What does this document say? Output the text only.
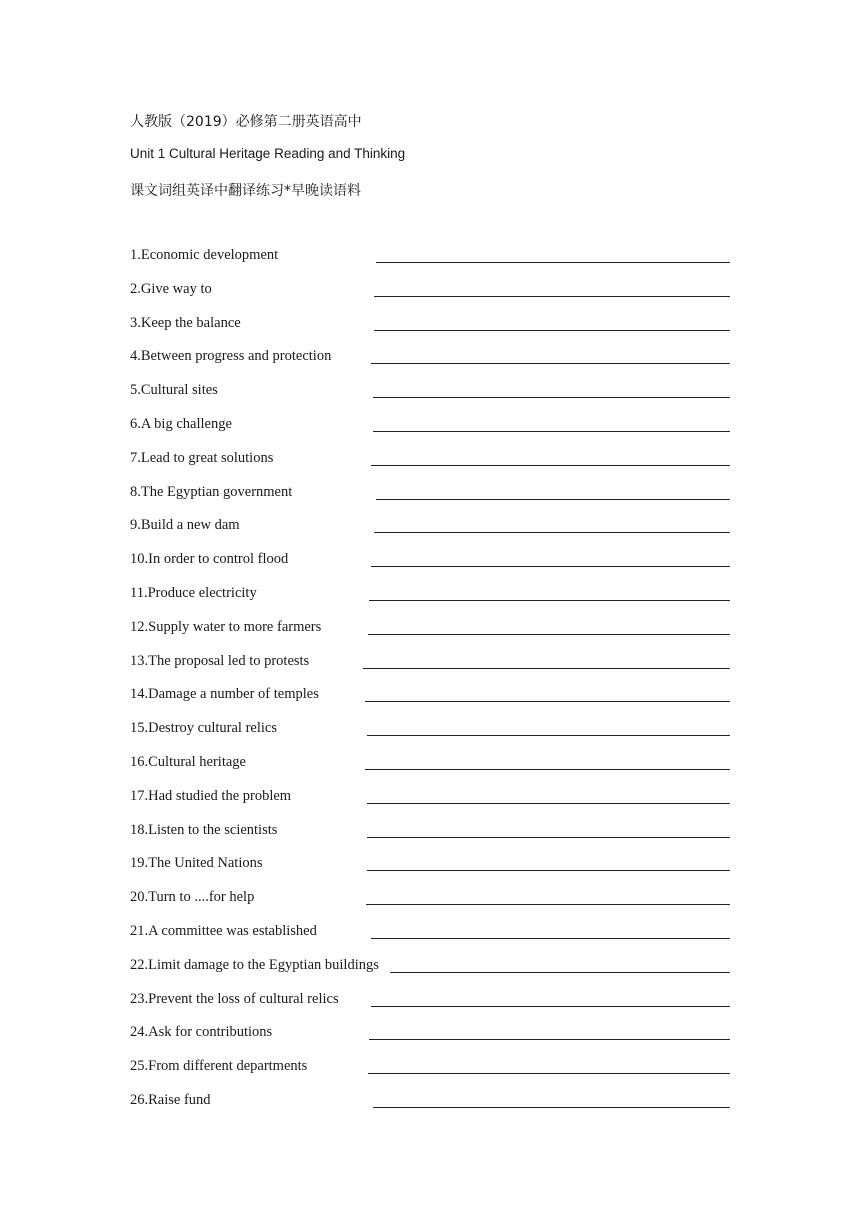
人教版（2019）必修第二册英语高中
Unit 1 Cultural Heritage Reading and Thinking
课文词组英译中翻译练习*早晚读语料
1.Economic development
2.Give way to
3.Keep the balance
4.Between progress and protection
5.Cultural sites
6.A big challenge
7.Lead to great solutions
8.The Egyptian government
9.Build a new dam
10.In order to control flood
11.Produce electricity
12.Supply water to more farmers
13.The proposal led to protests
14.Damage a number of temples
15.Destroy cultural relics
16.Cultural heritage
17.Had studied the problem
18.Listen to the scientists
19.The United Nations
20.Turn to ....for help
21.A committee was established
22.Limit damage to the Egyptian buildings
23.Prevent the loss of cultural relics
24.Ask for contributions
25.From different departments
26.Raise fund
